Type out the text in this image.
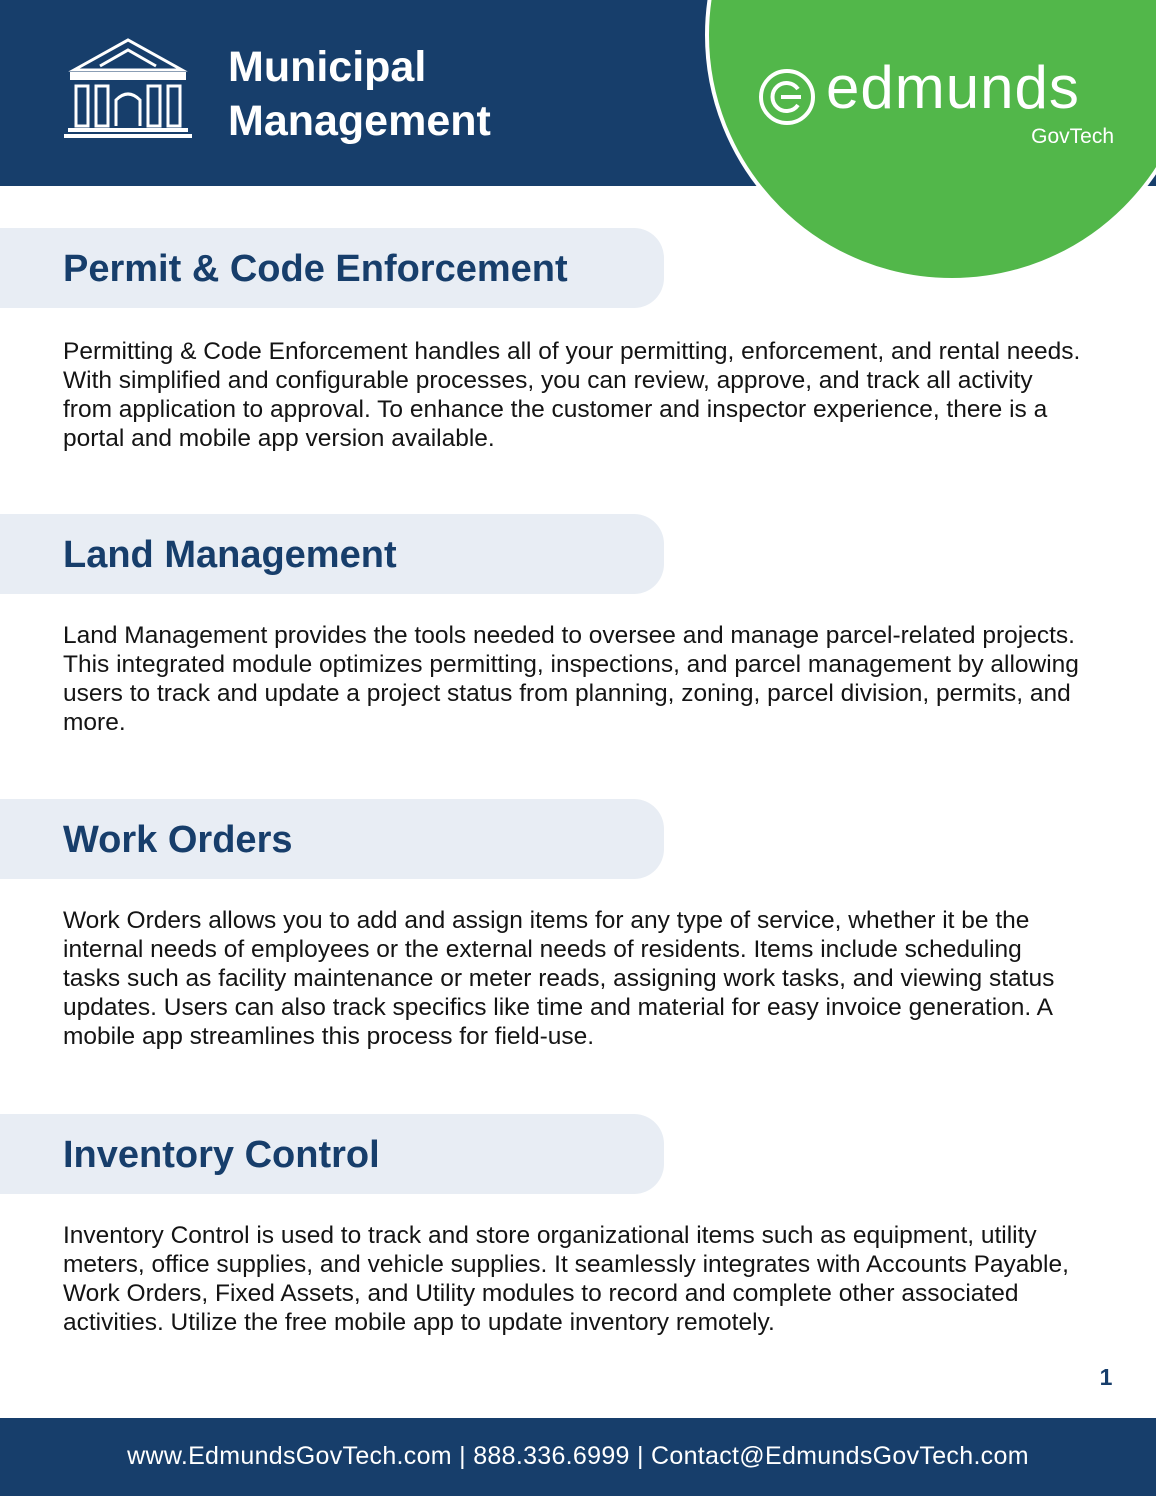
Municipal
Management	edmunds
GovTech
Permit & Code Enforcement

Permitting & Code Enforcement handles all of your permitting, enforcement, and rental needs. With simplified and configurable processes, you can review, approve, and track all activity from application to approval. To enhance the customer and inspector experience, there is a portal and mobile app version available.

Land Management

Land Management provides the tools needed to oversee and manage parcel-related projects. This integrated module optimizes permitting, inspections, and parcel management by allowing users to track and update a project status from planning, zoning, parcel division, permits, and more.

Work Orders

Work Orders allows you to add and assign items for any type of service, whether it be the internal needs of employees or the external needs of residents. Items include scheduling tasks such as facility maintenance or meter reads, assigning work tasks, and viewing status updates. Users can also track specifics like time and material for easy invoice generation. A mobile app streamlines this process for field-use.

Inventory Control

Inventory Control is used to track and store organizational items such as equipment, utility meters, office supplies, and vehicle supplies. It seamlessly integrates with Accounts Payable, Work Orders, Fixed Assets, and Utility modules to record and complete other associated activities. Utilize the free mobile app to update inventory remotely.

1
www.EdmundsGovTech.com | 888.336.6999 | Contact@EdmundsGovTech.com
